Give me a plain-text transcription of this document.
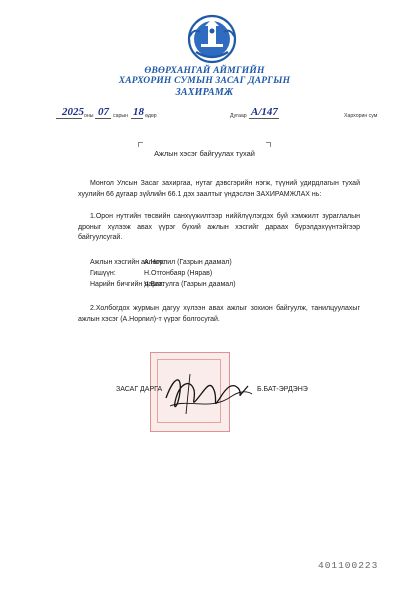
ӨВӨРХАНГАЙ АЙМГИЙН
ХАРХОРИН СУМЫН ЗАСАГ ДАРГЫН
ЗАХИРАМЖ
2025 оны 07 сарын 18 өдөр	Дугаар А/147	Хархорин сум
Ажлын хэсэг байгуулах тухай

Монгол Улсын Засаг захиргаа, нутаг дэвсгэрийн нэгж, түүний удирдлагын тухай хуулийн 66 дугаар зүйлийн 66.1 дэх заалтыг үндэслэн ЗАХИРАМЖЛАХ нь:

1.Орон нутгийн төсвийн санхүүжилтээр ниййлүүлэгдэх буй хэмжилт зураглалын дроныг хүлээж авах үүрэг бүхий ажлын хэсгийг дараах бүрэлдэхүүнтэйгээр байгуулсугай.

Ажлын хэсгийн ахлагч:
А.Норпил (Газрын даамал)
Гишүүн:	Н.Отгонбаяр (Нярав)
Нарийн бичгийн дарга:
Ч.Баттулга (Газрын даамал)

2.Холбогдох журмын дагуу хүлээн авах ажлыг зохион байгуулж, танилцуулахыг ажлын хэсэг (А.Норпил)-т үүрэг болгосугай.

ЗАСАГ ДАРГА	Б.БАТ-ЭРДЭНЭ
401100223
